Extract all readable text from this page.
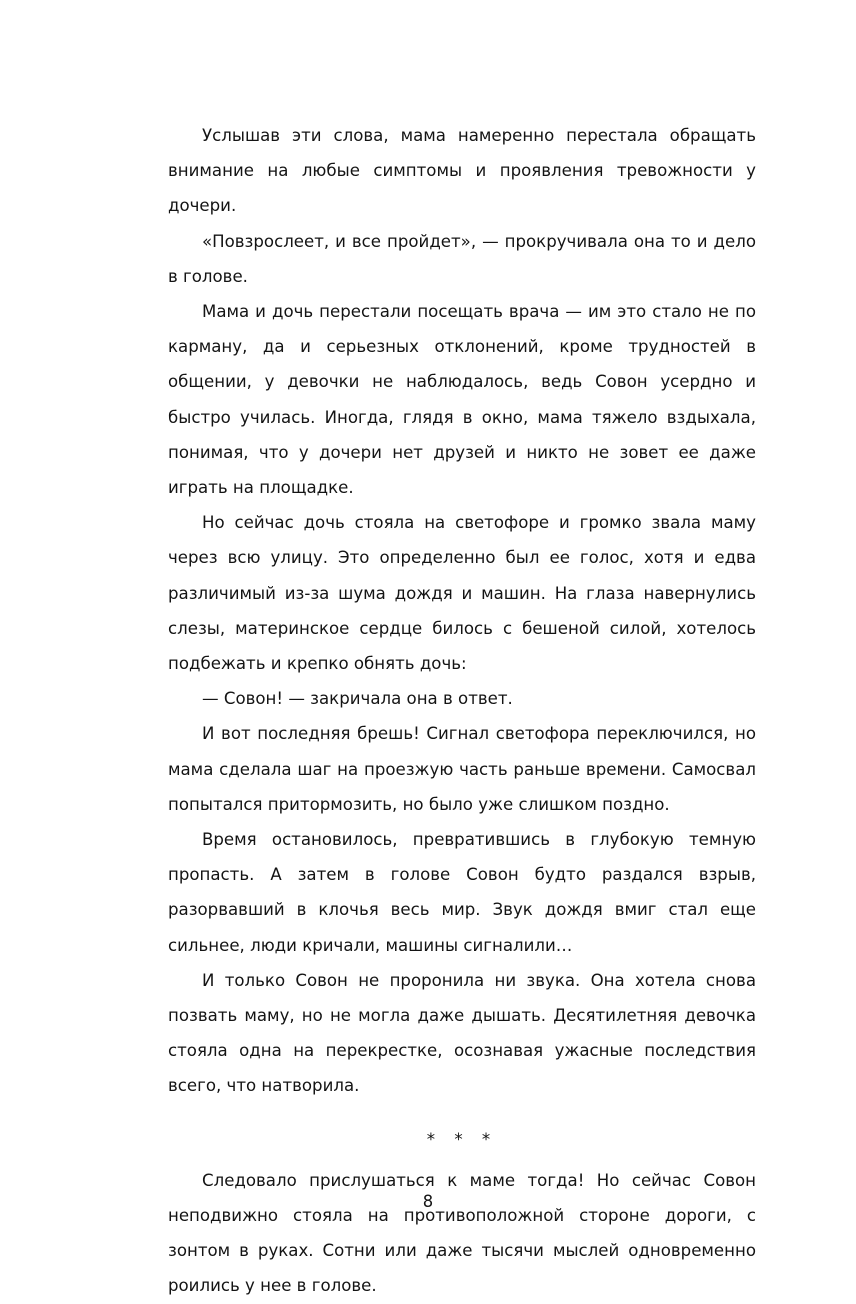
Услышав эти слова, мама намеренно перестала обращать внимание на любые симптомы и проявления тревожности у дочери.

«Повзрослеет, и все пройдет», — прокручивала она то и дело в голове.

Мама и дочь перестали посещать врача — им это стало не по карману, да и серьезных отклонений, кроме трудностей в общении, у девочки не наблюдалось, ведь Совон усердно и быстро училась. Иногда, глядя в окно, мама тяжело вздыхала, понимая, что у дочери нет друзей и никто не зовет ее даже играть на площадке.

Но сейчас дочь стояла на светофоре и громко звала маму через всю улицу. Это определенно был ее голос, хотя и едва различимый из-за шума дождя и машин. На глаза навернулись слезы, материнское сердце билось с бешеной силой, хотелось подбежать и крепко обнять дочь:

— Совон! — закричала она в ответ.

И вот последняя брешь! Сигнал светофора переключился, но мама сделала шаг на проезжую часть раньше времени. Самосвал попытался притормозить, но было уже слишком поздно.

Время остановилось, превратившись в глубокую темную пропасть. А затем в голове Совон будто раздался взрыв, разорвавший в клочья весь мир. Звук дождя вмиг стал еще сильнее, люди кричали, машины сигналили…

И только Совон не проронила ни звука. Она хотела снова позвать маму, но не могла даже дышать. Десятилетняя девочка стояла одна на перекрестке, осознавая ужасные последствия всего, что натворила.

* * *

Следовало прислушаться к маме тогда! Но сейчас Совон неподвижно стояла на противоположной стороне дороги, с зонтом в руках. Сотни или даже тысячи мыслей одновременно роились у нее в голове.

8
